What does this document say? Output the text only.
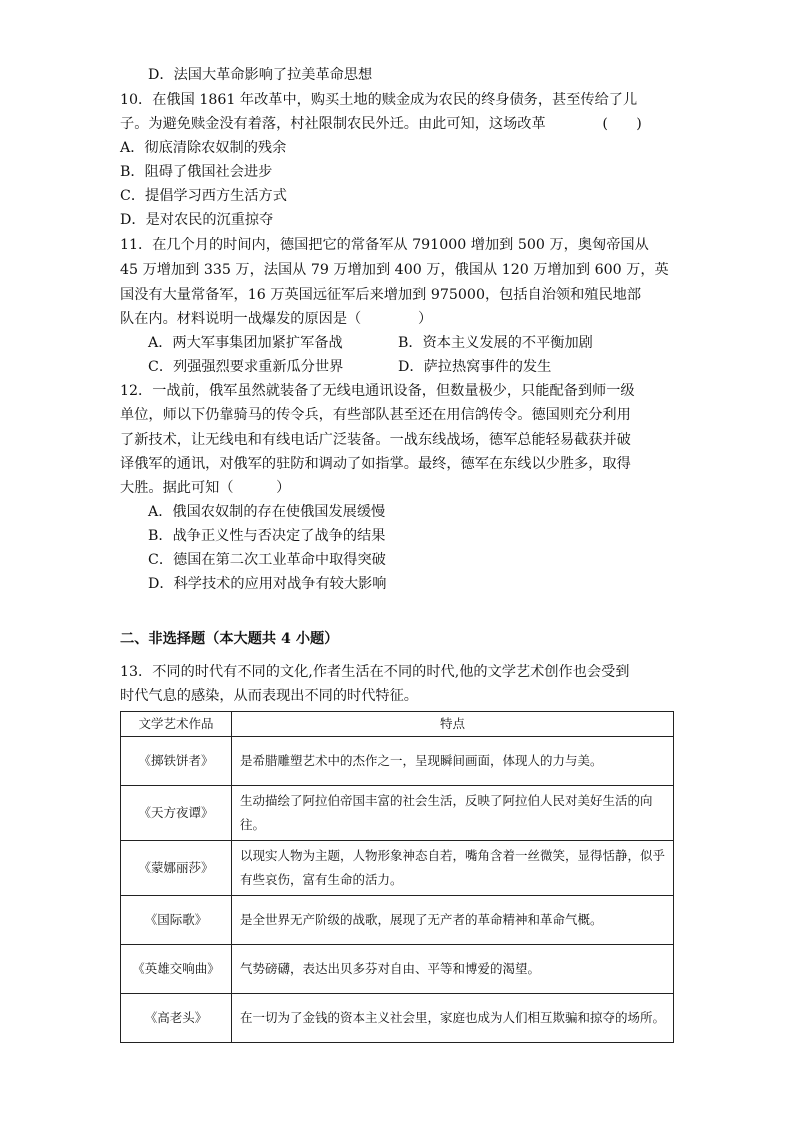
D．法国大革命影响了拉美革命思想
10．在俄国 1861 年改革中，购买土地的赎金成为农民的终身债务，甚至传给了儿
子。为避免赎金没有着落，村社限制农民外迁。由此可知，这场改革　　　　(　　)
A．彻底清除农奴制的残余
B．阻碍了俄国社会进步
C．提倡学习西方生活方式
D．是对农民的沉重掠夺
11．在几个月的时间内，德国把它的常备军从 791000 增加到 500 万，奥匈帝国从
45 万增加到 335 万，法国从 79 万增加到 400 万，俄国从 120 万增加到 600 万，英
国没有大量常备军，16 万英国远征军后来增加到 975000，包括自治领和殖民地部
队在内。材料说明一战爆发的原因是（　　　　）
A．两大军事集团加紧扩军备战	B．资本主义发展的不平衡加剧
C．列强强烈要求重新瓜分世界	D．萨拉热窝事件的发生
12．一战前，俄军虽然就装备了无线电通讯设备，但数量极少，只能配备到师一级
单位，师以下仍靠骑马的传令兵，有些部队甚至还在用信鸽传令。德国则充分利用
了新技术，让无线电和有线电话广泛装备。一战东线战场，德军总能轻易截获并破
译俄军的通讯，对俄军的驻防和调动了如指掌。最终，德军在东线以少胜多，取得
大胜。据此可知（　　　）
A．俄国农奴制的存在使俄国发展缓慢
B．战争正义性与否决定了战争的结果
C．德国在第二次工业革命中取得突破
D．科学技术的应用对战争有较大影响
二、非选择题（本大题共 4 小题）
13．不同的时代有不同的文化,作者生活在不同的时代,他的文学艺术创作也会受到
时代气息的感染，从而表现出不同的时代特征。
文学艺术作品	特点
《掷铁饼者》	是希腊雕塑艺术中的杰作之一，呈现瞬间画面，体现人的力与美。
《天方夜谭》	生动描绘了阿拉伯帝国丰富的社会生活，反映了阿拉伯人民对美好生活的向往。
《蒙娜丽莎》	以现实人物为主题，人物形象神态自若，嘴角含着一丝微笑，显得恬静，似乎有些哀伤，富有生命的活力。
《国际歌》	是全世界无产阶级的战歌，展现了无产者的革命精神和革命气概。
《英雄交响曲》	气势磅礴，表达出贝多芬对自由、平等和博爱的渴望。
《高老头》	在一切为了金钱的资本主义社会里，家庭也成为人们相互欺骗和掠夺的场所。
